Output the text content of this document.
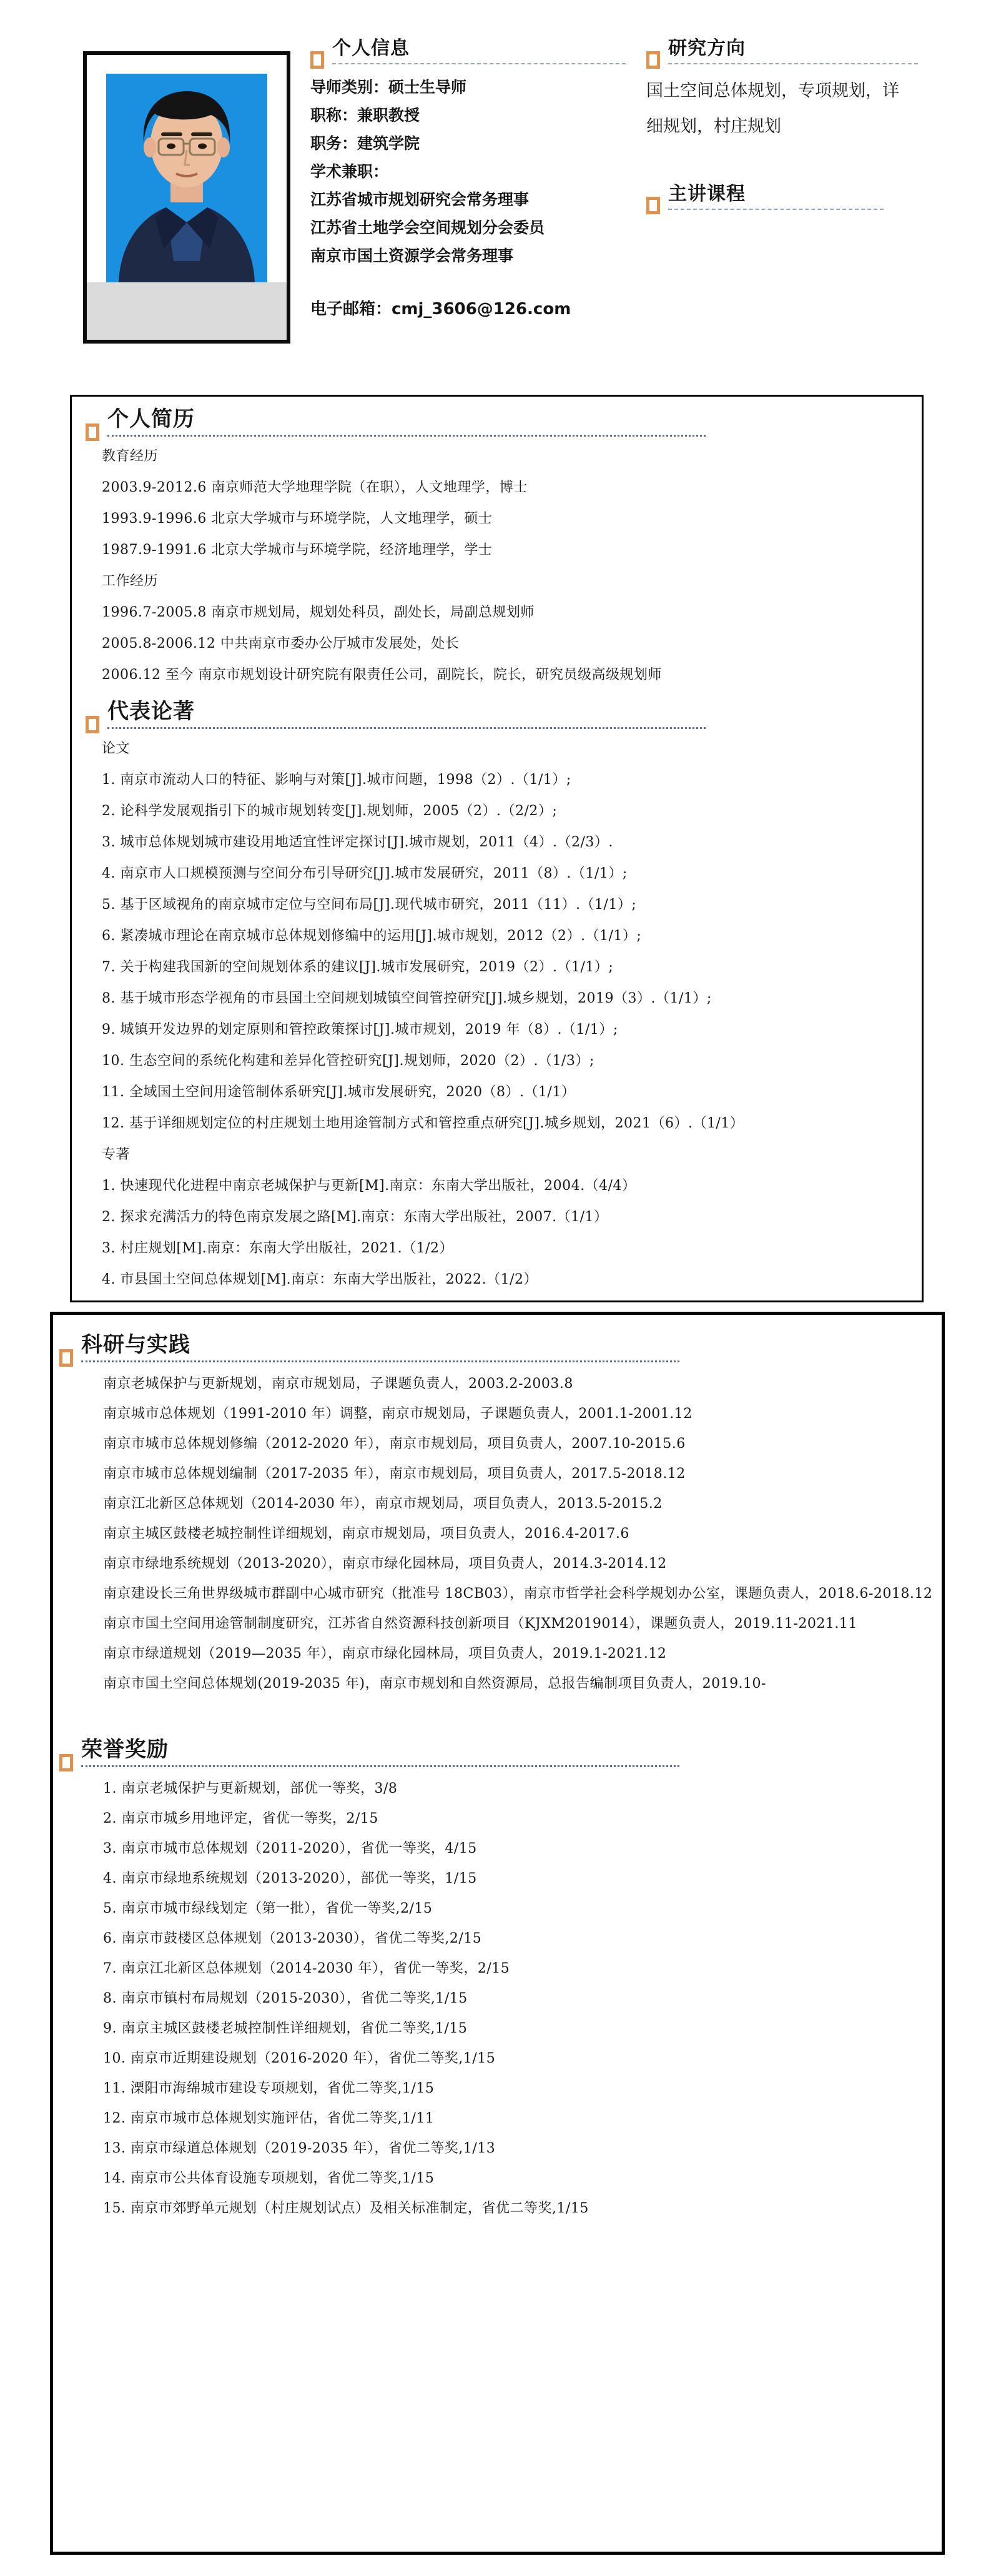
个人信息
导师类别：硕士生导师
职称：兼职教授
职务：建筑学院
学术兼职：
江苏省城市规划研究会常务理事
江苏省土地学会空间规划分会委员
南京市国土资源学会常务理事
电子邮箱：cmj_3606@126.com
研究方向
国土空间总体规划，专项规划，详细规划，村庄规划
主讲课程
个人简历

教育经历

2003.9-2012.6 南京师范大学地理学院（在职），人文地理学，博士

1993.9-1996.6 北京大学城市与环境学院，人文地理学，硕士

1987.9-1991.6 北京大学城市与环境学院，经济地理学，学士

工作经历

1996.7-2005.8 南京市规划局，规划处科员，副处长，局副总规划师

2005.8-2006.12 中共南京市委办公厅城市发展处，处长

2006.12 至今 南京市规划设计研究院有限责任公司，副院长，院长，研究员级高级规划师

代表论著

论文

1. 南京市流动人口的特征、影响与对策[J].城市问题，1998（2）.（1/1）;

2. 论科学发展观指引下的城市规划转变[J].规划师，2005（2）.（2/2）;

3. 城市总体规划城市建设用地适宜性评定探讨[J].城市规划，2011（4）.（2/3）.

4. 南京市人口规模预测与空间分布引导研究[J].城市发展研究，2011（8）.（1/1）;

5. 基于区域视角的南京城市定位与空间布局[J].现代城市研究，2011（11）.（1/1）;

6. 紧凑城市理论在南京城市总体规划修编中的运用[J].城市规划，2012（2）.（1/1）;

7. 关于构建我国新的空间规划体系的建议[J].城市发展研究，2019（2）.（1/1）;

8. 基于城市形态学视角的市县国土空间规划城镇空间管控研究[J].城乡规划，2019（3）.（1/1）;

9. 城镇开发边界的划定原则和管控政策探讨[J].城市规划，2019 年（8）.（1/1）;

10. 生态空间的系统化构建和差异化管控研究[J].规划师，2020（2）.（1/3）;

11. 全域国土空间用途管制体系研究[J].城市发展研究，2020（8）.（1/1）

12. 基于详细规划定位的村庄规划土地用途管制方式和管控重点研究[J].城乡规划，2021（6）.（1/1）

专著

1. 快速现代化进程中南京老城保护与更新[M].南京：东南大学出版社，2004.（4/4）

2. 探求充满活力的特色南京发展之路[M].南京：东南大学出版社，2007.（1/1）

3. 村庄规划[M].南京：东南大学出版社，2021.（1/2）

4. 市县国土空间总体规划[M].南京：东南大学出版社，2022.（1/2）

科研与实践

南京老城保护与更新规划，南京市规划局，子课题负责人，2003.2-2003.8

南京城市总体规划（1991-2010 年）调整，南京市规划局，子课题负责人，2001.1-2001.12

南京市城市总体规划修编（2012-2020 年），南京市规划局，项目负责人，2007.10-2015.6

南京市城市总体规划编制（2017-2035 年），南京市规划局，项目负责人，2017.5-2018.12

南京江北新区总体规划（2014-2030 年），南京市规划局，项目负责人，2013.5-2015.2

南京主城区鼓楼老城控制性详细规划，南京市规划局，项目负责人，2016.4-2017.6

南京市绿地系统规划（2013-2020），南京市绿化园林局，项目负责人，2014.3-2014.12

南京建设长三角世界级城市群副中心城市研究（批准号 18CB03），南京市哲学社会科学规划办公室，课题负责人，2018.6-2018.12

南京市国土空间用途管制制度研究，江苏省自然资源科技创新项目（KJXM2019014），课题负责人，2019.11-2021.11

南京市绿道规划（2019—2035 年），南京市绿化园林局，项目负责人，2019.1-2021.12

南京市国土空间总体规划(2019-2035 年)，南京市规划和自然资源局，总报告编制项目负责人，2019.10-

荣誉奖励

1. 南京老城保护与更新规划，部优一等奖，3/8

2. 南京市城乡用地评定，省优一等奖，2/15

3. 南京市城市总体规划（2011-2020），省优一等奖，4/15

4. 南京市绿地系统规划（2013-2020），部优一等奖，1/15

5. 南京市城市绿线划定（第一批），省优一等奖,2/15

6. 南京市鼓楼区总体规划（2013-2030），省优二等奖,2/15

7. 南京江北新区总体规划（2014-2030 年），省优一等奖，2/15

8. 南京市镇村布局规划（2015-2030），省优二等奖,1/15

9. 南京主城区鼓楼老城控制性详细规划，省优二等奖,1/15

10. 南京市近期建设规划（2016-2020 年），省优二等奖,1/15

11. 溧阳市海绵城市建设专项规划，省优二等奖,1/15

12. 南京市城市总体规划实施评估，省优二等奖,1/11

13. 南京市绿道总体规划（2019-2035 年），省优二等奖,1/13

14. 南京市公共体育设施专项规划，省优二等奖,1/15

15. 南京市郊野单元规划（村庄规划试点）及相关标准制定，省优二等奖,1/15
